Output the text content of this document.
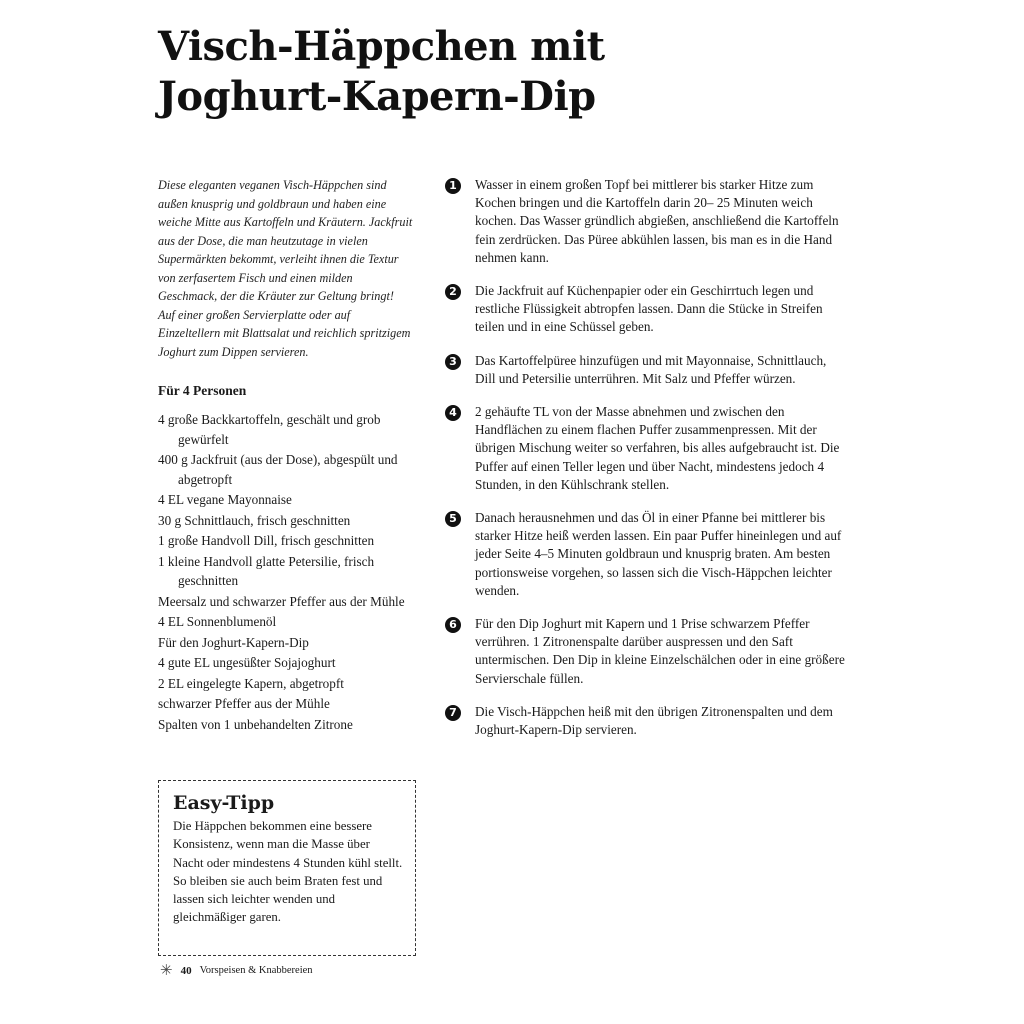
Visch-Häppchen mit
Joghurt-Kapern-Dip

Diese eleganten veganen Visch-Häppchen sind außen knusprig und goldbraun und haben eine weiche Mitte aus Kartoffeln und Kräutern. Jackfruit aus der Dose, die man heutzutage in vielen Supermärkten bekommt, verleiht ihnen die Textur von zerfasertem Fisch und einen milden Geschmack, der die Kräuter zur Geltung bringt! Auf einer großen Servierplatte oder auf Einzeltellern mit Blattsalat und reichlich spritzigem Joghurt zum Dippen servieren.

Für 4 Personen
4 große Backkartoffeln, geschält und grob gewürfelt
400 g Jackfruit (aus der Dose), abgespült und abgetropft
4 EL vegane Mayonnaise
30 g Schnittlauch, frisch geschnitten
1 große Handvoll Dill, frisch geschnitten
1 kleine Handvoll glatte Petersilie, frisch geschnitten
Meersalz und schwarzer Pfeffer aus der Mühle
4 EL Sonnenblumenöl
Für den Joghurt-Kapern-Dip
4 gute EL ungesüßter Sojajoghurt
2 EL eingelegte Kapern, abgetropft
schwarzer Pfeffer aus der Mühle
Spalten von 1 unbehandelten Zitrone
Easy-Tipp
Die Häppchen bekommen eine bessere Konsistenz, wenn man die Masse über Nacht oder mindestens 4 Stunden kühl stellt. So bleiben sie auch beim Braten fest und lassen sich leichter wenden und gleichmäßiger garen.
✳ 40 Vorspeisen & Knabbereien
1	Wasser in einem großen Topf bei mittlerer bis starker Hitze zum Kochen bringen und die Kartoffeln darin 20– 25 Minuten weich kochen. Das Wasser gründlich abgießen, anschließend die Kartoffeln fein zerdrücken. Das Püree abkühlen lassen, bis man es in die Hand nehmen kann.
2	Die Jackfruit auf Küchenpapier oder ein Geschirrtuch legen und restliche Flüssigkeit abtropfen lassen. Dann die Stücke in Streifen teilen und in eine Schüssel geben.
3	Das Kartoffelpüree hinzufügen und mit Mayonnaise, Schnittlauch, Dill und Petersilie unterrühren. Mit Salz und Pfeffer würzen.
4	2 gehäufte TL von der Masse abnehmen und zwischen den Handflächen zu einem flachen Puffer zusammenpressen. Mit der übrigen Mischung weiter so verfahren, bis alles aufgebraucht ist. Die Puffer auf einen Teller legen und über Nacht, mindestens jedoch 4 Stunden, in den Kühlschrank stellen.
5	Danach herausnehmen und das Öl in einer Pfanne bei mittlerer bis starker Hitze heiß werden lassen. Ein paar Puffer hineinlegen und auf jeder Seite 4–5 Minuten goldbraun und knusprig braten. Am besten portionsweise vorgehen, so lassen sich die Visch-Häppchen leichter wenden.
6	Für den Dip Joghurt mit Kapern und 1 Prise schwarzem Pfeffer verrühren. 1 Zitronenspalte darüber auspressen und den Saft untermischen. Den Dip in kleine Einzelschälchen oder in eine größere Servierschale füllen.
7	Die Visch-Häppchen heiß mit den übrigen Zitronenspalten und dem Joghurt-Kapern-Dip servieren.
